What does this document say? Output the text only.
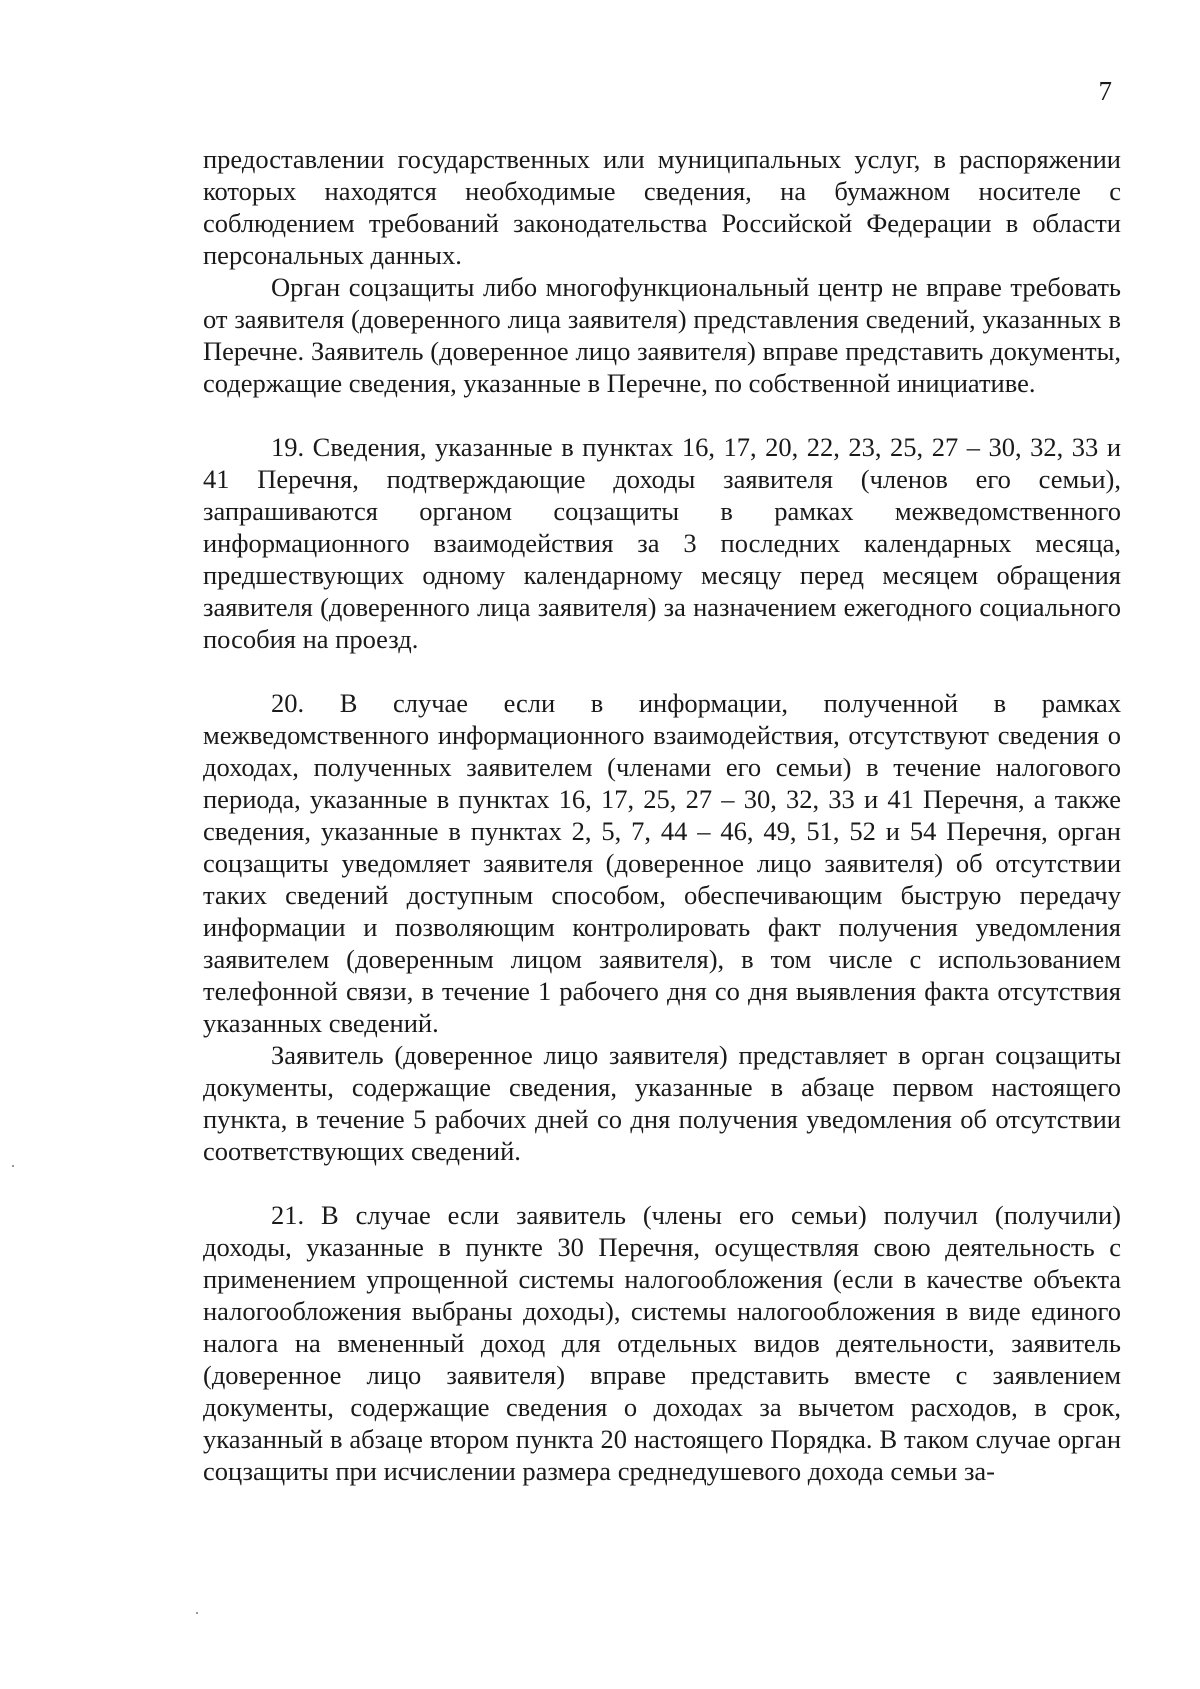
7

предоставлении государственных или муниципальных услуг, в распоряжении которых находятся необходимые сведения, на бумажном носителе с соблюдением требований законодательства Российской Федерации в области персональных данных.

Орган соцзащиты либо многофункциональный центр не вправе требовать от заявителя (доверенного лица заявителя) представления сведений, указанных в Перечне. Заявитель (доверенное лицо заявителя) вправе представить документы, содержащие сведения, указанные в Перечне, по собственной инициативе.

19. Сведения, указанные в пунктах 16, 17, 20, 22, 23, 25, 27 – 30, 32, 33 и 41 Перечня, подтверждающие доходы заявителя (членов его семьи), запрашиваются органом соцзащиты в рамках межведомственного информационного взаимодействия за 3 последних календарных месяца, предшествующих одному календарному месяцу перед месяцем обращения заявителя (доверенного лица заявителя) за назначением ежегодного социального пособия на проезд.

20. В случае если в информации, полученной в рамках межведомственного информационного взаимодействия, отсутствуют сведения о доходах, полученных заявителем (членами его семьи) в течение налогового периода, указанные в пунктах 16, 17, 25, 27 – 30, 32, 33 и 41 Перечня, а также сведения, указанные в пунктах 2, 5, 7, 44 – 46, 49, 51, 52 и 54 Перечня, орган соцзащиты уведомляет заявителя (доверенное лицо заявителя) об отсутствии таких сведений доступным способом, обеспечивающим быструю передачу информации и позволяющим контролировать факт получения уведомления заявителем (доверенным лицом заявителя), в том числе с использованием телефонной связи, в течение 1 рабочего дня со дня выявления факта отсутствия указанных сведений.

Заявитель (доверенное лицо заявителя) представляет в орган соцзащиты документы, содержащие сведения, указанные в абзаце первом настоящего пункта, в течение 5 рабочих дней со дня получения уведомления об отсутствии соответствующих сведений.

21. В случае если заявитель (члены его семьи) получил (получили) доходы, указанные в пункте 30 Перечня, осуществляя свою деятельность с применением упрощенной системы налогообложения (если в качестве объекта налогообложения выбраны доходы), системы налогообложения в виде единого налога на вмененный доход для отдельных видов деятельности, заявитель (доверенное лицо заявителя) вправе представить вместе с заявлением документы, содержащие сведения о доходах за вычетом расходов, в срок, указанный в абзаце втором пункта 20 настоящего Порядка. В таком случае орган соцзащиты при исчислении размера среднедушевого дохода семьи за-
